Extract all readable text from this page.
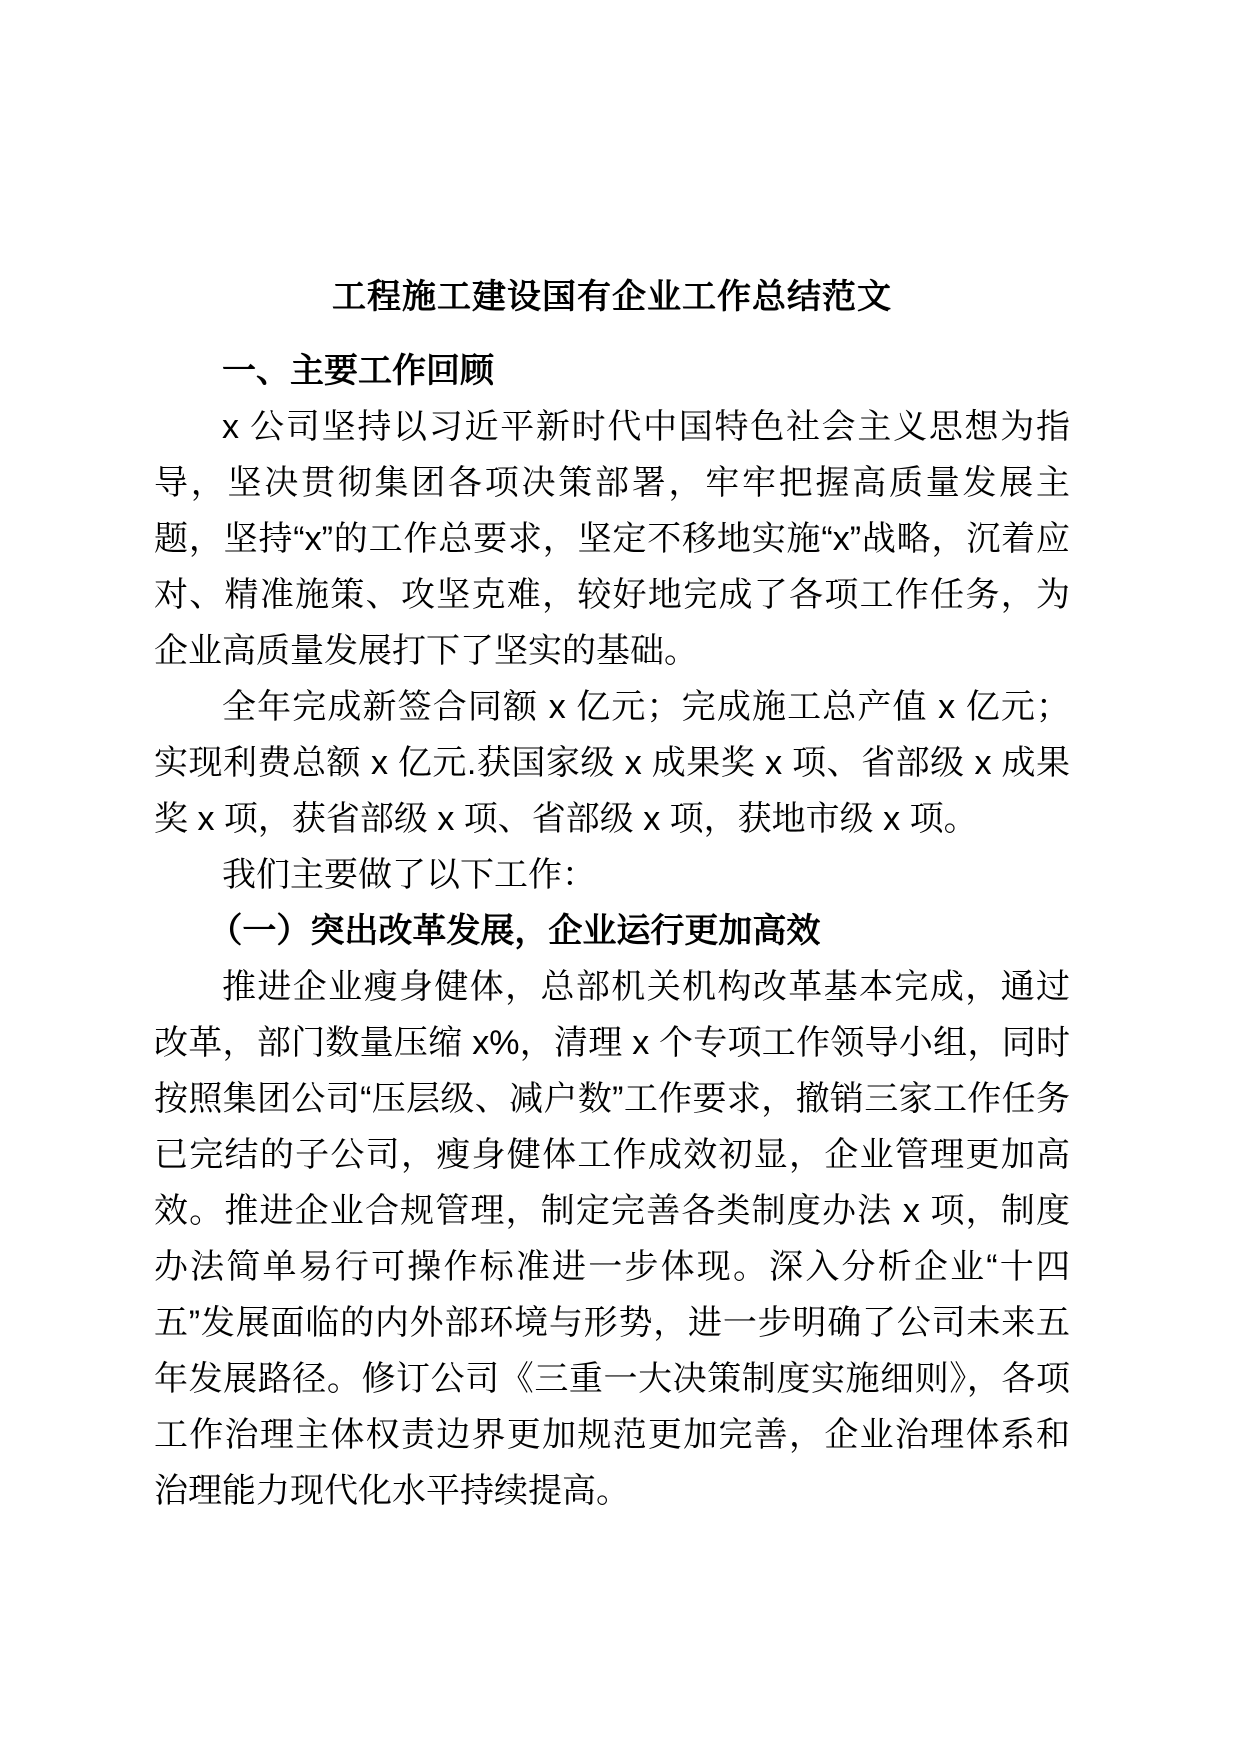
工程施工建设国有企业工作总结范文
一、主要工作回顾

x 公司坚持以习近平新时代中国特色社会主义思想为指导，坚决贯彻集团各项决策部署，牢牢把握高质量发展主题，坚持“x”的工作总要求，坚定不移地实施“x”战略，沉着应对、精准施策、攻坚克难，较好地完成了各项工作任务，为企业高质量发展打下了坚实的基础。

全年完成新签合同额 x 亿元；完成施工总产值 x 亿元；实现利费总额 x 亿元.获国家级 x 成果奖 x 项、省部级 x 成果奖 x 项，获省部级 x 项、省部级 x 项，获地市级 x 项。

我们主要做了以下工作：

（一）突出改革发展，企业运行更加高效

推进企业瘦身健体，总部机关机构改革基本完成，通过改革，部门数量压缩 x%，清理 x 个专项工作领导小组，同时按照集团公司“压层级、减户数”工作要求，撤销三家工作任务已完结的子公司，瘦身健体工作成效初显，企业管理更加高效。推进企业合规管理，制定完善各类制度办法 x 项，制度办法简单易行可操作标准进一步体现。深入分析企业“十四五”发展面临的内外部环境与形势，进一步明确了公司未来五年发展路径。修订公司《三重一大决策制度实施细则》，各项工作治理主体权责边界更加规范更加完善，企业治理体系和治理能力现代化水平持续提高。
